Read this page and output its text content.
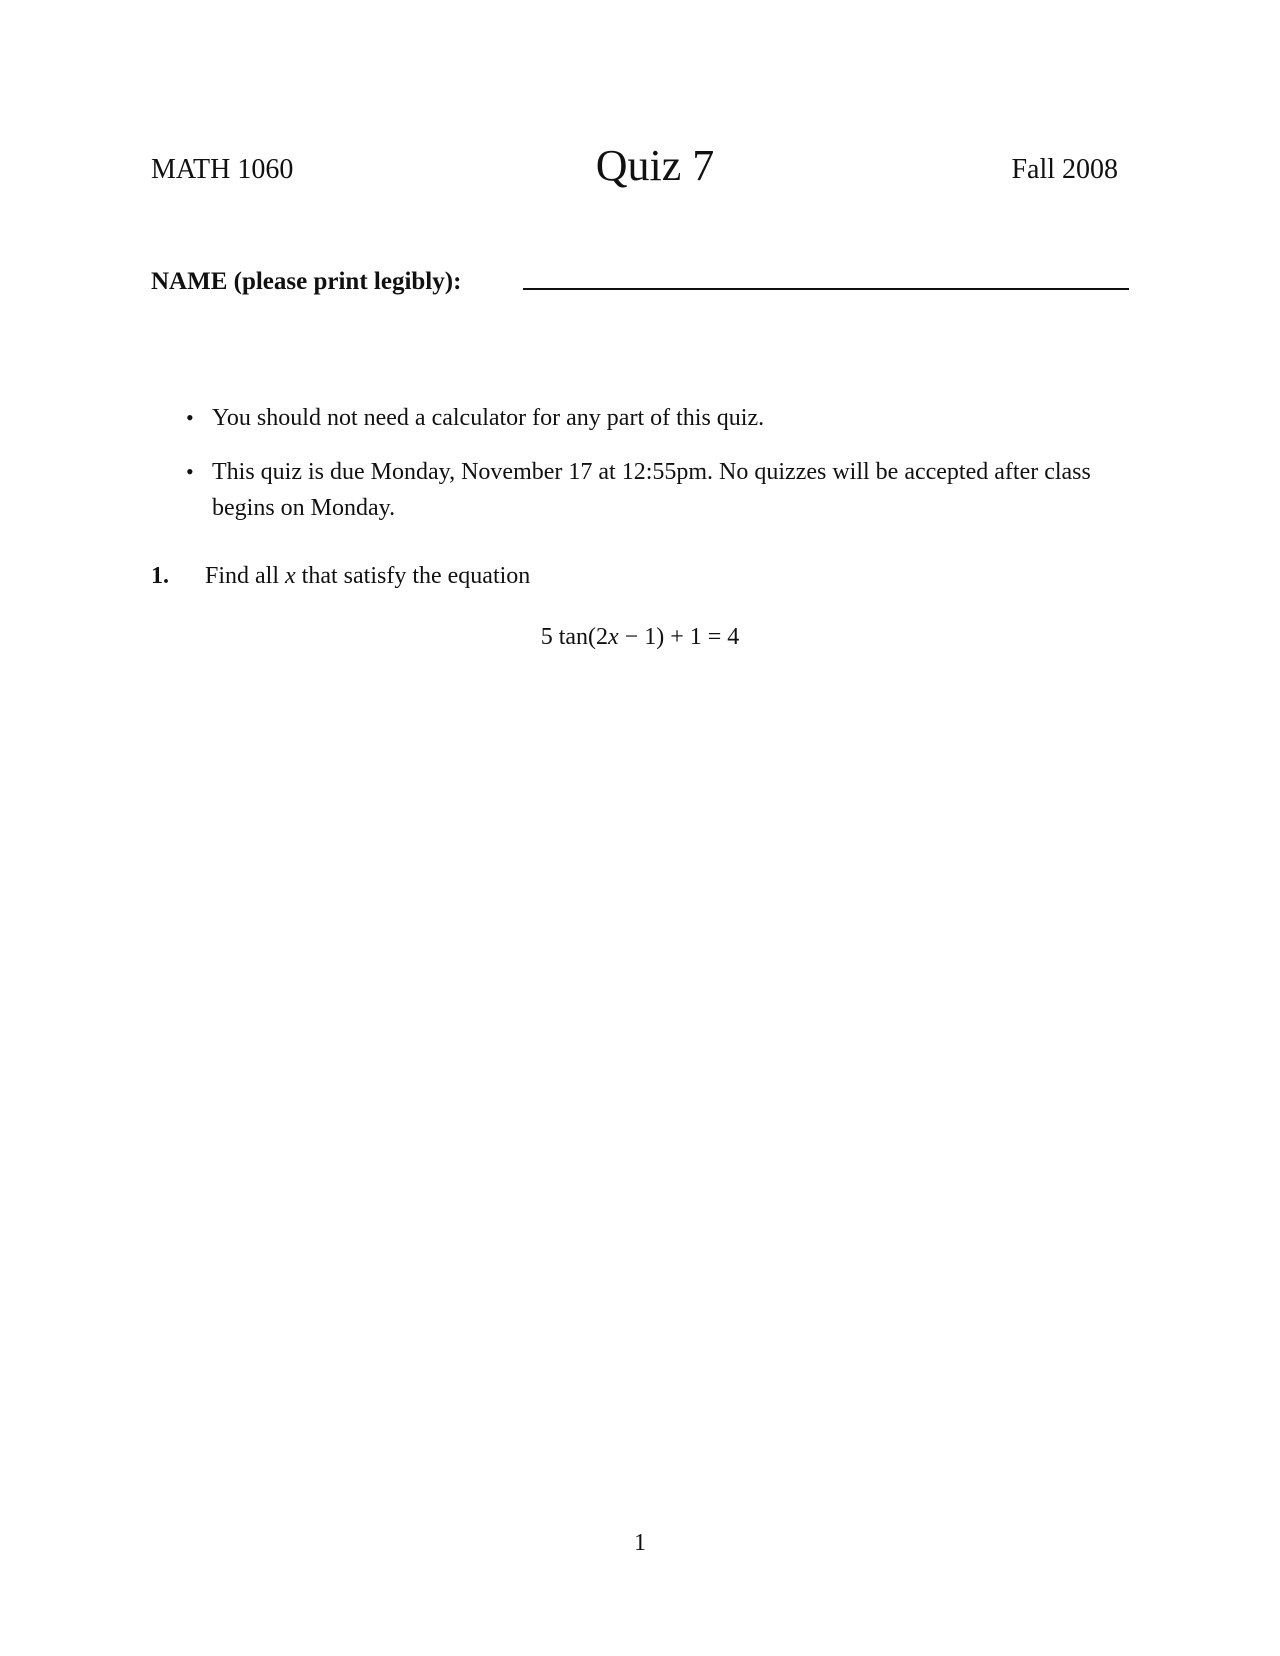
MATH 1060	Quiz 7	Fall 2008
NAME (please print legibly):
• You should not need a calculator for any part of this quiz.
• This quiz is due Monday, November 17 at 12:55pm. No quizzes will be accepted after class begins on Monday.
1. Find all x that satisfy the equation
5 tan(2x − 1) + 1 = 4
1
